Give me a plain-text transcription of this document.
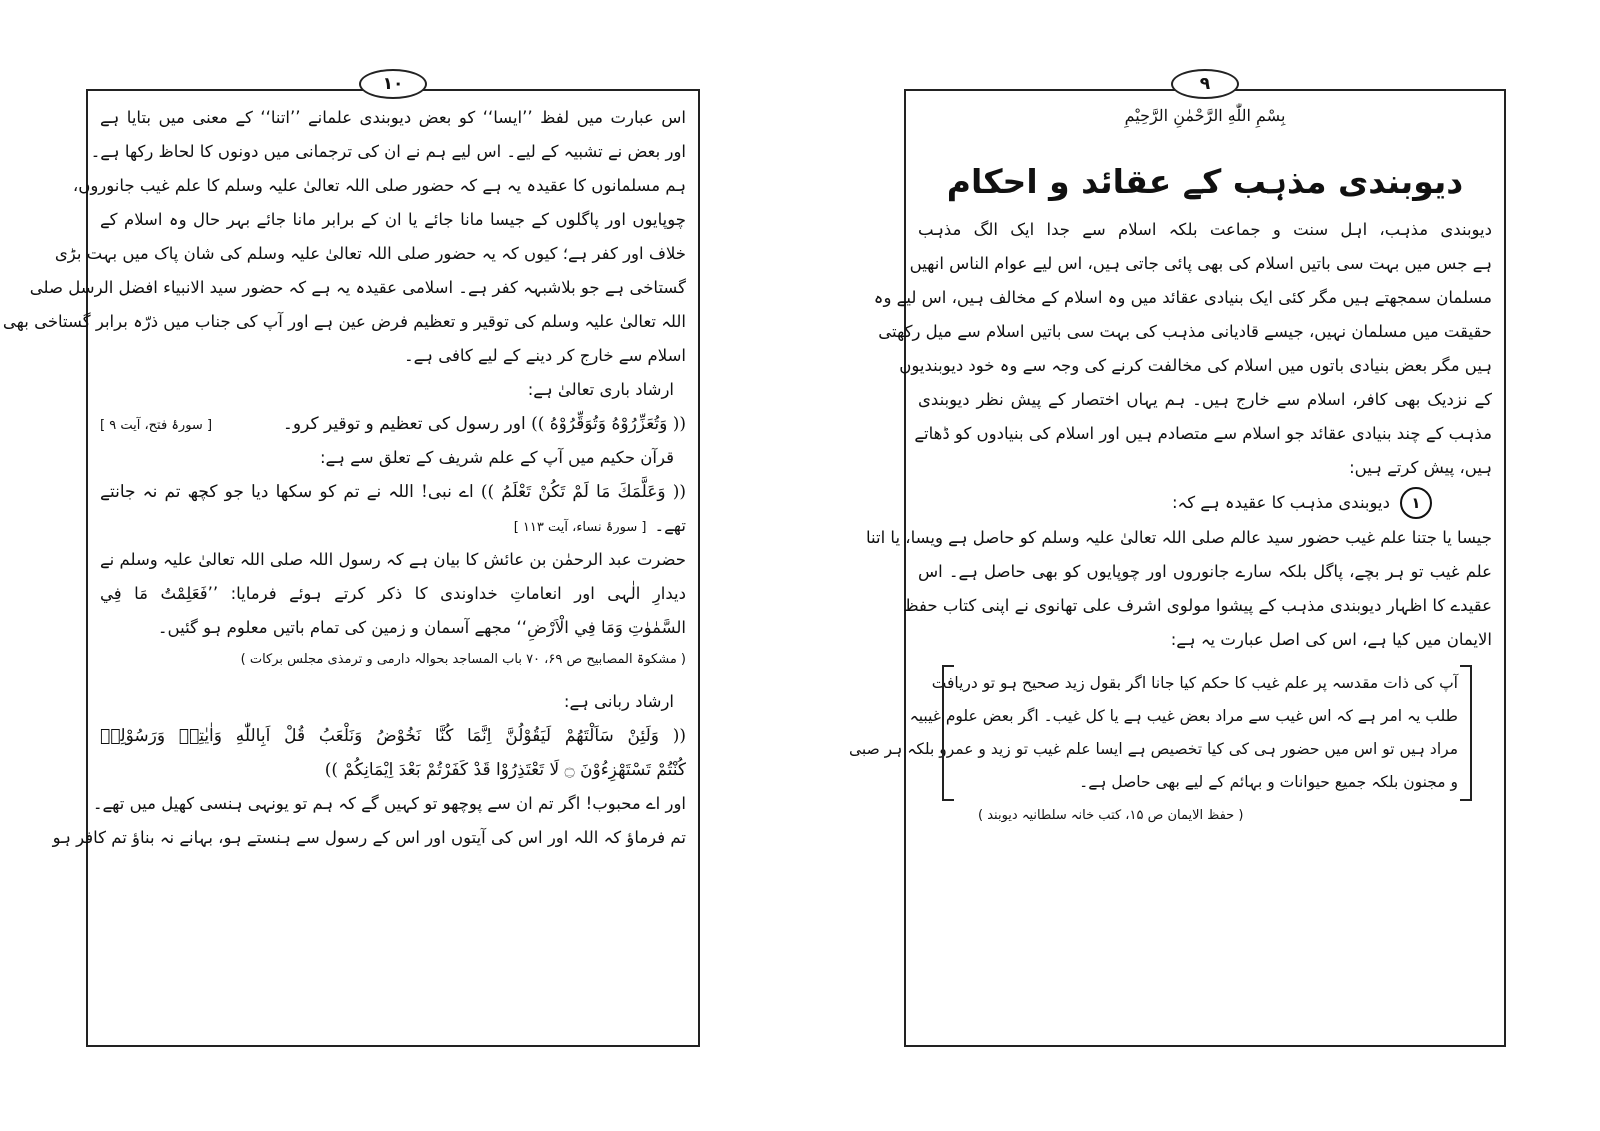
١٠

اس عبارت میں لفظ ’’ایسا‘‘ کو بعض دیوبندی علمانے ’’اتنا‘‘ کے معنی میں بتایا ہے

اور بعض نے تشبیہ کے لیے۔ اس لیے ہم نے ان کی ترجمانی میں دونوں کا لحاظ رکھا ہے۔

ہم مسلمانوں کا عقیدہ یہ ہے کہ حضور صلی اللہ تعالیٰ علیہ وسلم کا علم غیب جانوروں،

چوپایوں اور پاگلوں کے جیسا مانا جائے یا ان کے برابر مانا جائے بہر حال وہ اسلام کے

خلاف اور کفر ہے؛ کیوں کہ یہ حضور صلی اللہ تعالیٰ علیہ وسلم کی شان پاک میں بہت بڑی

گستاخی ہے جو بلاشبہہ کفر ہے۔ اسلامی عقیدہ یہ ہے کہ حضور سید الانبیاء افضل الرسل صلی

اللہ تعالیٰ علیہ وسلم کی توقیر و تعظیم فرض عین ہے اور آپ کی جناب میں ذرّہ برابر گستاخی بھی

اسلام سے خارج کر دینے کے لیے کافی ہے۔

ارشاد باری تعالیٰ ہے:

(( وَتُعَزِّرُوْهُ وَتُوَقِّرُوْهُ )) اور رسول کی تعظیم و توقیر کرو۔
[ سورۂ فتح، آیت ۹ ]

قرآن حکیم میں آپ کے علم شریف کے تعلق سے ہے:

(( وَعَلَّمَكَ مَا لَمْ تَكُنْ تَعْلَمُ )) اے نبی! اللہ نے تم کو سکھا دیا جو کچھ تم نہ جانتے

تھے۔
[ سورۂ نساء، آیت ۱۱۳ ]

حضرت عبد الرحمٰن بن عائش کا بیان ہے کہ رسول اللہ صلی اللہ تعالیٰ علیہ وسلم نے

دیدارِ الٰہی اور انعاماتِ خداوندی کا ذکر کرتے ہوئے فرمایا: ’’فَعَلِمْتُ مَا فِي

السَّمٰوٰتِ وَمَا فِي الْاَرْضِ‘‘ مجھے آسمان و زمین کی تمام باتیں معلوم ہو گئیں۔

( مشکوۃ المصابیح ص ۶۹، ۷۰ باب المساجد بحوالہ دارمی و ترمذی مجلس برکات )

ارشاد ربانی ہے:

(( وَلَئِنْ سَاَلْتَهُمْ لَيَقُوْلُنَّ اِنَّمَا كُنَّا نَخُوْضُ وَنَلْعَبُ قُلْ اَبِاللّٰهِ وَاٰيٰتِهٖ وَرَسُوْلِهٖ

كُنْتُمْ تَسْتَهْزِءُوْنَ ۝ لَا تَعْتَذِرُوْا قَدْ كَفَرْتُمْ بَعْدَ اِيْمَانِكُمْ ))

اور اے محبوب! اگر تم ان سے پوچھو تو کہیں گے کہ ہم تو یونہی ہنسی کھیل میں تھے۔

تم فرماؤ کہ اللہ اور اس کی آیتوں اور اس کے رسول سے ہنستے ہو، بہانے نہ بناؤ تم کافر ہو

٩

بِسْمِ اللّٰهِ الرَّحْمٰنِ الرَّحِيْمِ

دیوبندی مذہب کے عقائد و احکام

دیوبندی مذہب، اہل سنت و جماعت بلکہ اسلام سے جدا ایک الگ مذہب

ہے جس میں بہت سی باتیں اسلام کی بھی پائی جاتی ہیں، اس لیے عوام الناس انھیں

مسلمان سمجھتے ہیں مگر کئی ایک بنیادی عقائد میں وہ اسلام کے مخالف ہیں، اس لیے وہ

حقیقت میں مسلمان نہیں، جیسے قادیانی مذہب کی بہت سی باتیں اسلام سے میل رکھتی

ہیں مگر بعض بنیادی باتوں میں اسلام کی مخالفت کرنے کی وجہ سے وہ خود دیوبندیوں

کے نزدیک بھی کافر، اسلام سے خارج ہیں۔ ہم یہاں اختصار کے پیش نظر دیوبندی

مذہب کے چند بنیادی عقائد جو اسلام سے متصادم ہیں اور اسلام کی بنیادوں کو ڈھاتے

ہیں، پیش کرتے ہیں:

١
دیوبندی مذہب کا عقیدہ ہے کہ:

جیسا یا جتنا علم غیب حضور سید عالم صلی اللہ تعالیٰ علیہ وسلم کو حاصل ہے ویسا، یا اتنا

علم غیب تو ہر بچے، پاگل بلکہ سارے جانوروں اور چوپایوں کو بھی حاصل ہے۔ اس

عقیدے کا اظہار دیوبندی مذہب کے پیشوا مولوی اشرف علی تھانوی نے اپنی کتاب حفظ

الایمان میں کیا ہے، اس کی اصل عبارت یہ ہے:

آپ کی ذات مقدسہ پر علم غیب کا حکم کیا جانا اگر بقول زید صحیح ہو تو دریافت

طلب یہ امر ہے کہ اس غیب سے مراد بعض غیب ہے یا کل غیب۔ اگر بعض علوم غیبیہ

مراد ہیں تو اس میں حضور ہی کی کیا تخصیص ہے ایسا علم غیب تو زید و عمرو بلکہ ہر صبی

و مجنون بلکہ جمیع حیوانات و بہائم کے لیے بھی حاصل ہے۔

( حفظ الایمان ص ۱۵، کتب خانہ سلطانیہ دیوبند )
